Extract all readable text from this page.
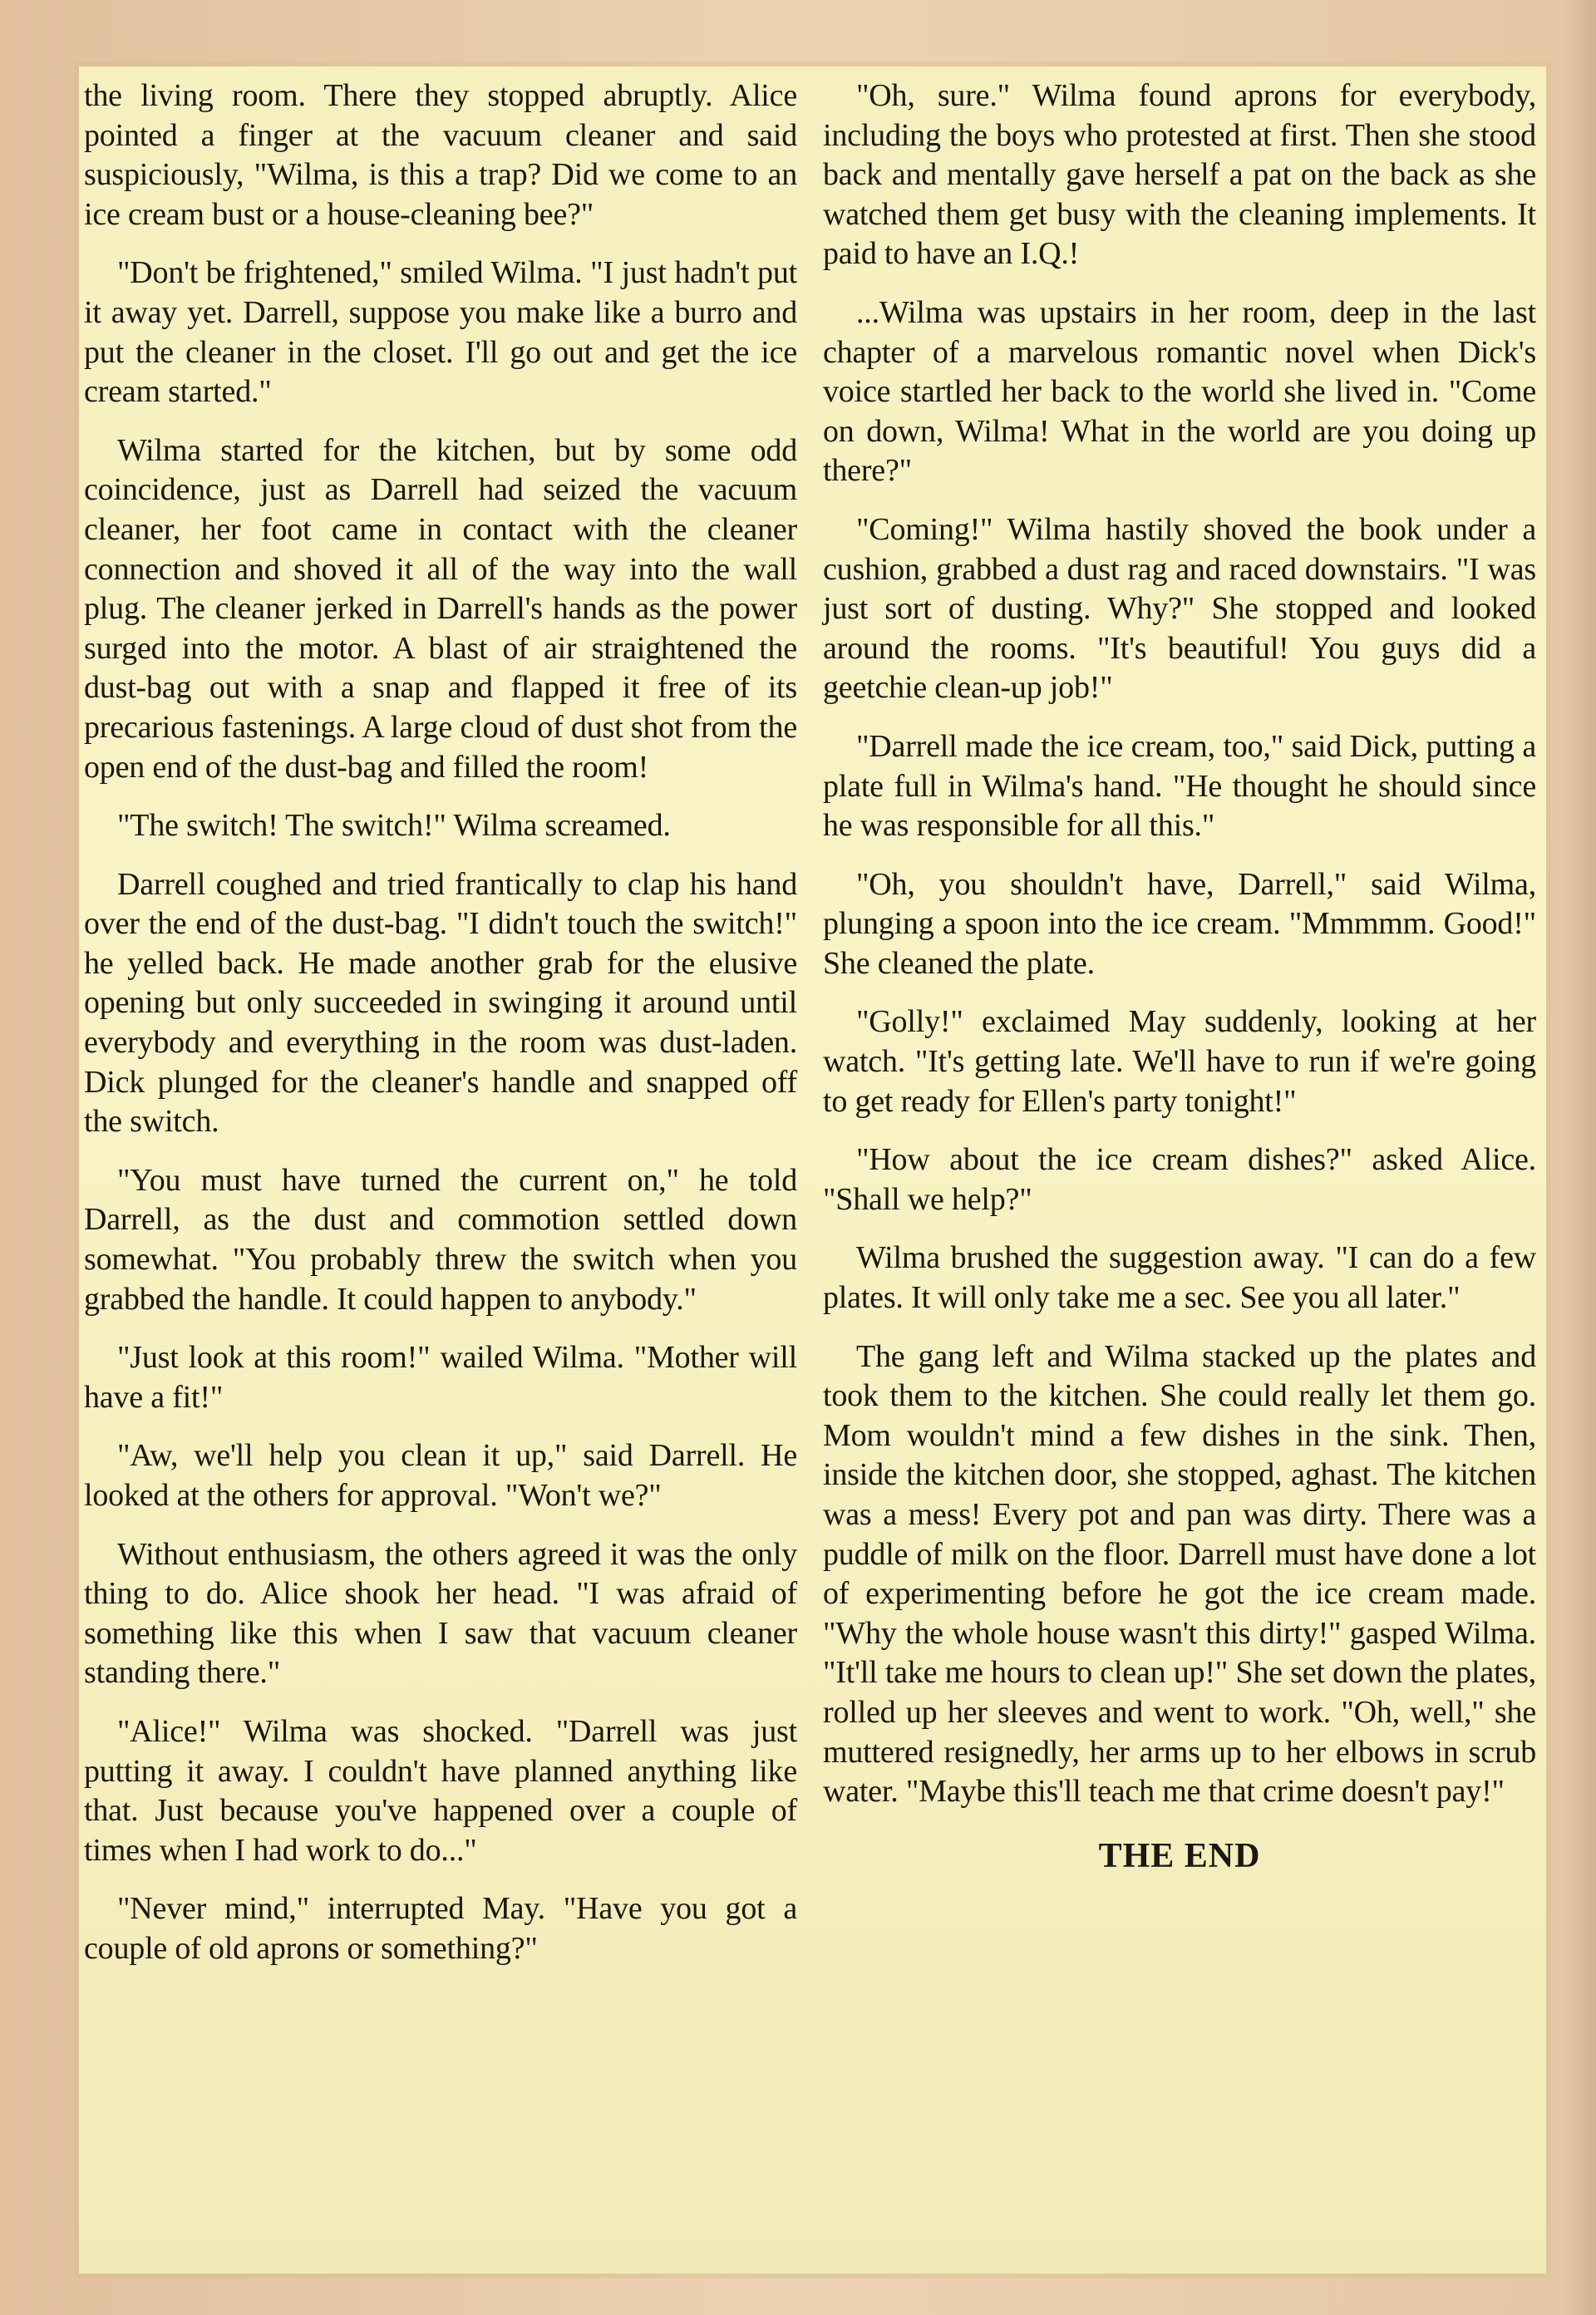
the living room. There they stopped abruptly. Alice pointed a finger at the vacuum cleaner and said suspiciously, "Wilma, is this a trap? Did we come to an ice cream bust or a house-cleaning bee?"

"Don't be frightened," smiled Wilma. "I just hadn't put it away yet. Darrell, suppose you make like a burro and put the cleaner in the closet. I'll go out and get the ice cream started."

Wilma started for the kitchen, but by some odd coincidence, just as Darrell had seized the vacuum cleaner, her foot came in contact with the cleaner connection and shoved it all of the way into the wall plug. The cleaner jerked in Darrell's hands as the power surged into the motor. A blast of air straightened the dust-bag out with a snap and flapped it free of its precarious fastenings. A large cloud of dust shot from the open end of the dust-bag and filled the room!

"The switch! The switch!" Wilma screamed.

Darrell coughed and tried frantically to clap his hand over the end of the dust-bag. "I didn't touch the switch!" he yelled back. He made another grab for the elusive opening but only succeeded in swinging it around until everybody and everything in the room was dust-laden. Dick plunged for the cleaner's handle and snapped off the switch.

"You must have turned the current on," he told Darrell, as the dust and commotion settled down somewhat. "You probably threw the switch when you grabbed the handle. It could happen to anybody."

"Just look at this room!" wailed Wilma. "Mother will have a fit!"

"Aw, we'll help you clean it up," said Darrell. He looked at the others for approval. "Won't we?"

Without enthusiasm, the others agreed it was the only thing to do. Alice shook her head. "I was afraid of something like this when I saw that vacuum cleaner standing there."

"Alice!" Wilma was shocked. "Darrell was just putting it away. I couldn't have planned anything like that. Just because you've happened over a couple of times when I had work to do..."

"Never mind," interrupted May. "Have you got a couple of old aprons or something?"

"Oh, sure." Wilma found aprons for everybody, including the boys who protested at first. Then she stood back and mentally gave herself a pat on the back as she watched them get busy with the cleaning implements. It paid to have an I.Q.!

...Wilma was upstairs in her room, deep in the last chapter of a marvelous romantic novel when Dick's voice startled her back to the world she lived in. "Come on down, Wilma! What in the world are you doing up there?"

"Coming!" Wilma hastily shoved the book under a cushion, grabbed a dust rag and raced downstairs. "I was just sort of dusting. Why?" She stopped and looked around the rooms. "It's beautiful! You guys did a geetchie clean-up job!"

"Darrell made the ice cream, too," said Dick, putting a plate full in Wilma's hand. "He thought he should since he was responsible for all this."

"Oh, you shouldn't have, Darrell," said Wilma, plunging a spoon into the ice cream. "Mmmmm. Good!" She cleaned the plate.

"Golly!" exclaimed May suddenly, looking at her watch. "It's getting late. We'll have to run if we're going to get ready for Ellen's party tonight!"

"How about the ice cream dishes?" asked Alice. "Shall we help?"

Wilma brushed the suggestion away. "I can do a few plates. It will only take me a sec. See you all later."

The gang left and Wilma stacked up the plates and took them to the kitchen. She could really let them go. Mom wouldn't mind a few dishes in the sink. Then, inside the kitchen door, she stopped, aghast. The kitchen was a mess! Every pot and pan was dirty. There was a puddle of milk on the floor. Darrell must have done a lot of experimenting before he got the ice cream made. "Why the whole house wasn't this dirty!" gasped Wilma. "It'll take me hours to clean up!" She set down the plates, rolled up her sleeves and went to work. "Oh, well," she muttered resignedly, her arms up to her elbows in scrub water. "Maybe this'll teach me that crime doesn't pay!"

THE END
